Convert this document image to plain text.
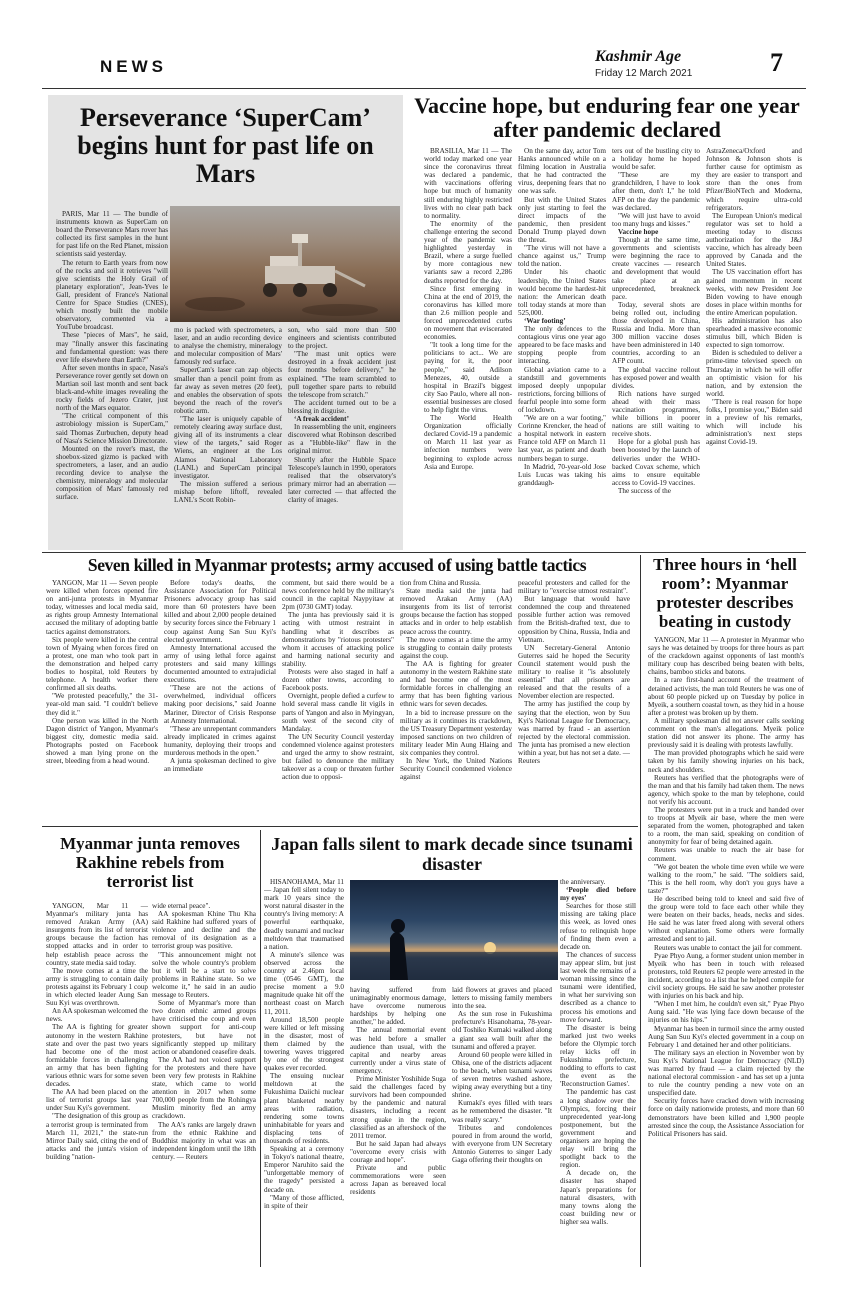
NEWS
Kashmir Age
Friday 12 March 2021	7
Perseverance ‘SuperCam’ begins hunt for past life on Mars

PARIS, Mar 11 — The bundle of instruments known as SuperCam on board the Perseverance Mars rover has collected its first samples in the hunt for past life on the Red Planet, mission scientists said yesterday.

The return to Earth years from now of the rocks and soil it retrieves "will give scientists the Holy Grail of planetary exploration", Jean-Yves le Gall, president of France's National Centre for Space Studies (CNES), which mostly built the mobile observatory, commented via a YouTube broadcast.

These "pieces of Mars", he said, may "finally answer this fascinating and fundamental question: was there ever life elsewhere than Earth?"

After seven months in space, Nasa's Perseverance rover gently set down on Martian soil last month and sent back black-and-white images revealing the rocky fields of Jezero Crater, just north of the Mars equator.

"The critical component of this astrobiology mission is SuperCam," said Thomas Zurbuchen, deputy head of Nasa's Science Mission Directorate.

Mounted on the rover's mast, the shoebox-sized gizmo is packed with spectrometers, a laser, and an audio recording device to analyse the chemistry, mineralogy and molecular composition of Mars' famously red surface.

mo is packed with spectrometers, a laser, and an audio recording device to analyse the chemistry, mineralogy and molecular composition of Mars' famously red surface.

SuperCam's laser can zap objects smaller than a pencil point from as far away as seven metres (20 feet), and enables the observation of spots beyond the reach of the rover's robotic arm.

"The laser is uniquely capable of remotely clearing away surface dust, giving all of its instruments a clear view of the targets," said Roger Wiens, an engineer at the Los Alamos National Laboratory (LANL) and SuperCam principal investigator.

The mission suffered a serious mishap before liftoff, revealed LANL's Scott Robin-

son, who said more than 500 engineers and scientists contributed to the project.

"The mast unit optics were destroyed in a freak accident just four months before delivery," he explained. "The team scrambled to pull together spare parts to rebuild the telescope from scratch."

The accident turned out to be a blessing in disguise.

‘A freak accident’

In reassembling the unit, engineers discovered what Robinson described as a "Hubble-like" flaw in the original mirror.

Shortly after the Hubble Space Telescope's launch in 1990, operators realised that the observatory's primary mirror had an aberration — later corrected — that affected the clarity of images.

Vaccine hope, but enduring fear one year after pandemic declared

BRASILIA, Mar 11 — The world today marked one year since the coronavirus threat was declared a pandemic, with vaccinations offering hope but much of humanity still enduring highly restricted lives with no clear path back to normality.

The enormity of the challenge entering the second year of the pandemic was highlighted yesterday in Brazil, where a surge fuelled by more contagious new variants saw a record 2,286 deaths reported for the day.

Since first emerging in China at the end of 2019, the coronavirus has killed more than 2.6 million people and forced unprecedented curbs on movement that eviscerated economies.

"It took a long time for the politicians to act... We are paying for it, the poor people," said Adilson Menezes, 40, outside a hospital in Brazil's biggest city Sao Paulo, where all non-essential businesses are closed to help fight the virus.

The World Health Organization officially declared Covid-19 a pandemic on March 11 last year as infection numbers were beginning to explode across Asia and Europe.

On the same day, actor Tom Hanks announced while on a filming location in Australia that he had contracted the virus, deepening fears that no one was safe.

But with the United States only just starting to feel the direct impacts of the pandemic, then president Donald Trump played down the threat.

"The virus will not have a chance against us," Trump told the nation.

Under his chaotic leadership, the United States would become the hardest-hit nation: the American death toll today stands at more than 525,000.

‘War footing’

The only defences to the contagious virus one year ago appeared to be face masks and stopping people from interacting.

Global aviation came to a standstill and governments imposed deeply unpopular restrictions, forcing billions of fearful people into some form of lockdown.

"We are on a war footing," Corinne Krencker, the head of a hospital network in eastern France told AFP on March 11 last year, as patient and death numbers began to surge.

In Madrid, 70-year-old Jose Luis Lucas was taking his granddaugh-

ters out of the bustling city to a holiday home he hoped would be safer.

"These are my grandchildren, I have to look after them, don't I," he told AFP on the day the pandemic was declared.

"We will just have to avoid too many hugs and kisses."

Vaccine hope

Though at the same time, governments and scientists were beginning the race to create vaccines — research and development that would take place at an unprecedented, breakneck pace.

Today, several shots are being rolled out, including those developed in China, Russia and India. More than 300 million vaccine doses have been administered in 140 countries, according to an AFP count.

The global vaccine rollout has exposed power and wealth divides.

Rich nations have surged ahead with their mass vaccination programmes, while billions in poorer nations are still waiting to receive shots.

Hope for a global push has been boosted by the launch of deliveries under the WHO-backed Covax scheme, which aims to ensure equitable access to Covid-19 vaccines.

The success of the

AstraZeneca/Oxford and Johnson & Johnson shots is further cause for optimism as they are easier to transport and store than the ones from Pfizer/BioNTech and Moderna, which require ultra-cold refrigerators.

The European Union's medical regulator was set to hold a meeting today to discuss authorization for the J&J vaccine, which has already been approved by Canada and the United States.

The US vaccination effort has gained momentum in recent weeks, with new President Joe Biden vowing to have enough doses in place within months for the entire American population.

His administration has also spearheaded a massive economic stimulus bill, which Biden is expected to sign tomorrow.

Biden is scheduled to deliver a prime-time televised speech on Thursday in which he will offer an optimistic vision for his nation, and by extension the world.

"There is real reason for hope folks, I promise you," Biden said in a preview of his remarks, which will include his administration's next steps against Covid-19.

Seven killed in Myanmar protests; army accused of using battle tactics

YANGON, Mar 11 — Seven people were killed when forces opened fire on anti-junta protests in Myanmar today, witnesses and local media said, as rights group Amnesty International accused the military of adopting battle tactics against demonstrators.

Six people were killed in the central town of Myaing when forces fired on a protest, one man who took part in the demonstration and helped carry bodies to hospital, told Reuters by telephone. A health worker there confirmed all six deaths.

"We protested peacefully," the 31-year-old man said. "I couldn't believe they did it."

One person was killed in the North Dagon district of Yangon, Myanmar's biggest city, domestic media said. Photographs posted on Facebook showed a man lying prone on the street, bleeding from a head wound.

Before today's deaths, the Assistance Association for Political Prisoners advocacy group has said more than 60 protesters have been killed and about 2,000 people detained by security forces since the February 1 coup against Aung San Suu Kyi's elected government.

Amnesty International accused the army of using lethal force against protesters and said many killings documented amounted to extrajudicial executions.

"These are not the actions of overwhelmed, individual officers making poor decisions," said Joanne Mariner, Director of Crisis Response at Amnesty International.

"These are unrepentant commanders already implicated in crimes against humanity, deploying their troops and murderous methods in the open."

A junta spokesman declined to give an immediate

comment, but said there would be a news conference held by the military's council in the capital Naypyitaw at 2pm (0730 GMT) today.

The junta has previously said it is acting with utmost restraint in handling what it describes as demonstrations by "riotous protesters" whom it accuses of attacking police and harming national security and stability.

Protests were also staged in half a dozen other towns, according to Facebook posts.

Overnight, people defied a curfew to hold several mass candle lit vigils in parts of Yangon and also in Myingyan, south west of the second city of Mandalay.

The UN Security Council yesterday condemned violence against protesters and urged the army to show restraint, but failed to denounce the military takeover as a coup or threaten further action due to opposi-

tion from China and Russia.

State media said the junta had removed Arakan Army (AA) insurgents from its list of terrorist groups because the faction has stopped attacks and in order to help establish peace across the country.

The move comes at a time the army is struggling to contain daily protests against the coup.

The AA is fighting for greater autonomy in the western Rakhine state and had become one of the most formidable forces in challenging an army that has been fighting various ethnic wars for seven decades.

In a bid to increase pressure on the military as it continues its crackdown, the US Treasury Department yesterday imposed sanctions on two children of military leader Min Aung Hlaing and six companies they control.

In New York, the United Nations Security Council condemned violence against

peaceful protesters and called for the military to "exercise utmost restraint".

But language that would have condemned the coup and threatened possible further action was removed from the British-drafted text, due to opposition by China, Russia, India and Vietnam.

UN Secretary-General Antonio Guterres said he hoped the Security Council statement would push the military to realise it "is absolutely essential" that all prisoners are released and that the results of a November election are respected.

The army has justified the coup by saying that the election, won by Suu Kyi's National League for Democracy, was marred by fraud - an assertion rejected by the electoral commission. The junta has promised a new election within a year, but has not set a date. — Reuters

Three hours in ‘hell room’: Myanmar protester describes beating in custody

YANGON, Mar 11 — A protester in Myanmar who says he was detained by troops for three hours as part of the crackdown against opponents of last month's military coup has described being beaten with belts, chains, bamboo sticks and batons.

In a rare first-hand account of the treatment of detained activists, the man told Reuters he was one of about 60 people picked up on Tuesday by police in Myeik, a southern coastal town, as they hid in a house after a protest was broken up by them.

A military spokesman did not answer calls seeking comment on the man's allegations. Myeik police station did not answer its phone. The army has previously said it is dealing with protests lawfully.

The man provided photographs which he said were taken by his family showing injuries on his back, neck and shoulders.

Reuters has verified that the photographs were of the man and that his family had taken them. The news agency, which spoke to the man by telephone, could not verify his account.

The protesters were put in a truck and handed over to troops at Myeik air base, where the men were separated from the women, photographed and taken to a room, the man said, speaking on condition of anonymity for fear of being detained again.

Reuters was unable to reach the air base for comment.

"We got beaten the whole time even while we were walking to the room," he said. "The soldiers said, 'This is the hell room, why don't you guys have a taste?'"

He described being told to kneel and said five of the group were told to face each other while they were beaten on their backs, heads, necks and sides. He said he was later freed along with several others without explanation. Some others were formally arrested and sent to jail.

Reuters was unable to contact the jail for comment.

Pyae Phyo Aung, a former student union member in Myeik who has been in touch with released protesters, told Reuters 62 people were arrested in the incident, according to a list that he helped compile for civil society groups. He said he saw another protester with injuries on his back and hip.

"When I met him, he couldn't even sit," Pyae Phyo Aung said. "He was lying face down because of the injuries on his hips."

Myanmar has been in turmoil since the army ousted Aung San Suu Kyi's elected government in a coup on February 1 and detained her and other politicians.

The military says an election in November won by Suu Kyi's National League for Democracy (NLD) was marred by fraud — a claim rejected by the national electoral commission - and has set up a junta to rule the country pending a new vote on an unspecified date.

Security forces have cracked down with increasing force on daily nationwide protests, and more than 60 demonstrators have been killed and 1,900 people arrested since the coup, the Assistance Association for Political Prisoners has said.

Myanmar junta removes Rakhine rebels from terrorist list

YANGON, Mar 11 — Myanmar's military junta has removed Arakan Army (AA) insurgents from its list of terrorist groups because the faction has stopped attacks and in order to help establish peace across the country, state media said today.

The move comes at a time the army is struggling to contain daily protests against its February 1 coup in which elected leader Aung San Suu Kyi was overthrown.

An AA spokesman welcomed the news.

The AA is fighting for greater autonomy in the western Rakhine state and over the past two years had become one of the most formidable forces in challenging an army that has been fighting various ethnic wars for some seven decades.

The AA had been placed on the list of terrorist groups last year under Suu Kyi's government.

"The designation of this group as a terrorist group is terminated from March 11, 2021," the state-run Mirror Daily said, citing the end of attacks and the junta's vision of building "nation-

wide eternal peace".

AA spokesman Khine Thu Kha said Rakhine had suffered years of violence and decline and the removal of its designation as a terrorist group was positive.

"This announcement might not solve the whole country's problem but it will be a start to solve problems in Rakhine state. So we welcome it," he said in an audio message to Reuters.

Some of Myanmar's more than two dozen ethnic armed groups have criticised the coup and even shown support for anti-coup protesters, but have not significantly stepped up military action or abandoned ceasefire deals.

The AA had not voiced support for the protesters and there have been very few protests in Rakhine state, which came to world attention in 2017 when some 700,000 people from the Rohingya Muslim minority fled an army crackdown.

The AA's ranks are largely drawn from the ethnic Rakhine and Buddhist majority in what was an independent kingdom until the 18th century. — Reuters

Japan falls silent to mark decade since tsunami disaster

HISANOHAMA, Mar 11 — Japan fell silent today to mark 10 years since the worst natural disaster in the country's living memory: A powerful earthquake, deadly tsunami and nuclear meltdown that traumatised a nation.

A minute's silence was observed across the country at 2.46pm local time (0546 GMT), the precise moment a 9.0 magnitude quake hit off the northeast coast on March 11, 2011.

Around 18,500 people were killed or left missing in the disaster, most of them claimed by the towering waves triggered by one of the strongest quakes ever recorded.

The ensuing nuclear meltdown at the Fukushima Daiichi nuclear plant blanketed nearby areas with radiation, rendering some towns uninhabitable for years and displacing tens of thousands of residents.

Speaking at a ceremony in Tokyo's national theatre, Emperor Naruhito said the "unforgettable memory of the tragedy" persisted a decade on.

"Many of those afflicted, in spite of their

having suffered from unimaginably enormous damage, have overcome numerous hardships by helping one another," he added.

The annual memorial event was held before a smaller audience than usual, with the capital and nearby areas currently under a virus state of emergency.

Prime Minister Yoshihide Suga said the challenges faced by survivors had been compounded by the pandemic and natural disasters, including a recent strong quake in the region, classified as an aftershock of the 2011 tremor.

But he said Japan had always "overcome every crisis with courage and hope".

Private and public commemorations were seen across Japan as bereaved local residents

laid flowers at graves and placed letters to missing family members into the sea.

As the sun rose in Fukushima prefecture's Hisanohama, 78-year-old Toshiko Kumaki walked along a giant sea wall built after the tsunami and offered a prayer.

Around 60 people were killed in Ohisa, one of the districts adjacent to the beach, when tsunami waves of seven metres washed ashore, wiping away everything but a tiny shrine.

Kumaki's eyes filled with tears as he remembered the disaster. "It was really scary."

Tributes and condolences poured in from around the world, with everyone from UN Secretary Antonio Guterres to singer Lady Gaga offering their thoughts on

the anniversary.

‘People died before my eyes’

Searches for those still missing are taking place this week, as loved ones refuse to relinquish hope of finding them even a decade on.

The chances of success may appear slim, but just last week the remains of a woman missing since the tsunami were identified, in what her surviving son described as a chance to process his emotions and move forward.

The disaster is being marked just two weeks before the Olympic torch relay kicks off in Fukushima prefecture, nodding to efforts to cast the event as the 'Reconstruction Games'.

The pandemic has cast a long shadow over the Olympics, forcing their unprecedented year-long postponement, but the government and organisers are hoping the relay will bring the spotlight back to the region.

A decade on, the disaster has shaped Japan's preparations for natural disasters, with many towns along the coast building new or higher sea walls.
